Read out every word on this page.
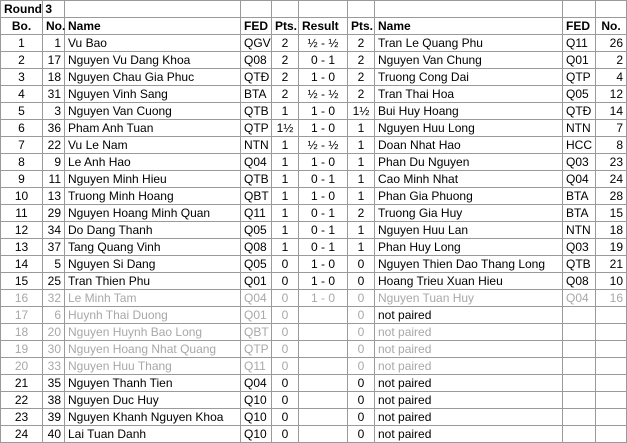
Round 3									
Bo.	No.	Name	FED	Pts.	Result	Pts.	Name	FED	No.
1	1	Vu Bao	QGV	2	½ - ½	2	Tran Le Quang Phu	Q11	26
2	17	Nguyen Vu Dang Khoa	Q08	2	0 - 1	2	Nguyen Van Chung	Q01	2
3	18	Nguyen Chau Gia Phuc	QTĐ	2	1 - 0	2	Truong Cong Dai	QTP	4
4	31	Nguyen Vinh Sang	BTA	2	½ - ½	2	Tran Thai Hoa	Q05	12
5	3	Nguyen Van Cuong	QTB	1	1 - 0	1½	Bui Huy Hoang	QTĐ	14
6	36	Pham Anh Tuan	QTP	1½	1 - 0	1	Nguyen Huu Long	NTN	7
7	22	Vu Le Nam	NTN	1	½ - ½	1	Doan Nhat Hao	HCC	8
8	9	Le Anh Hao	Q04	1	1 - 0	1	Phan Du Nguyen	Q03	23
9	11	Nguyen Minh Hieu	QTB	1	0 - 1	1	Cao Minh Nhat	Q04	24
10	13	Truong Minh Hoang	QBT	1	1 - 0	1	Phan Gia Phuong	BTA	28
11	29	Nguyen Hoang Minh Quan	Q11	1	0 - 1	2	Truong Gia Huy	BTA	15
12	34	Do Dang Thanh	Q05	1	0 - 1	1	Nguyen Huu Lan	NTN	18
13	37	Tang Quang Vinh	Q08	1	0 - 1	1	Phan Huy Long	Q03	19
14	5	Nguyen Si Dang	Q05	0	1 - 0	0	Nguyen Thien Dao Thang Long	QTB	21
15	25	Tran Thien Phu	Q01	0	1 - 0	0	Hoang Trieu Xuan Hieu	Q08	10
16	32	Le Minh Tam	Q04	0	1 - 0	0	Nguyen Tuan Huy	Q04	16
17	6	Huynh Thai Duong	Q01	0		0	not paired		
18	20	Nguyen Huynh Bao Long	QBT	0		0	not paired		
19	30	Nguyen Hoang Nhat Quang	QTP	0		0	not paired		
20	33	Nguyen Huu Thang	Q11	0		0	not paired		
21	35	Nguyen Thanh Tien	Q04	0		0	not paired		
22	38	Nguyen Duc Huy	Q10	0		0	not paired		
23	39	Nguyen Khanh Nguyen Khoa	Q10	0		0	not paired		
24	40	Lai Tuan Danh	Q10	0		0	not paired		
